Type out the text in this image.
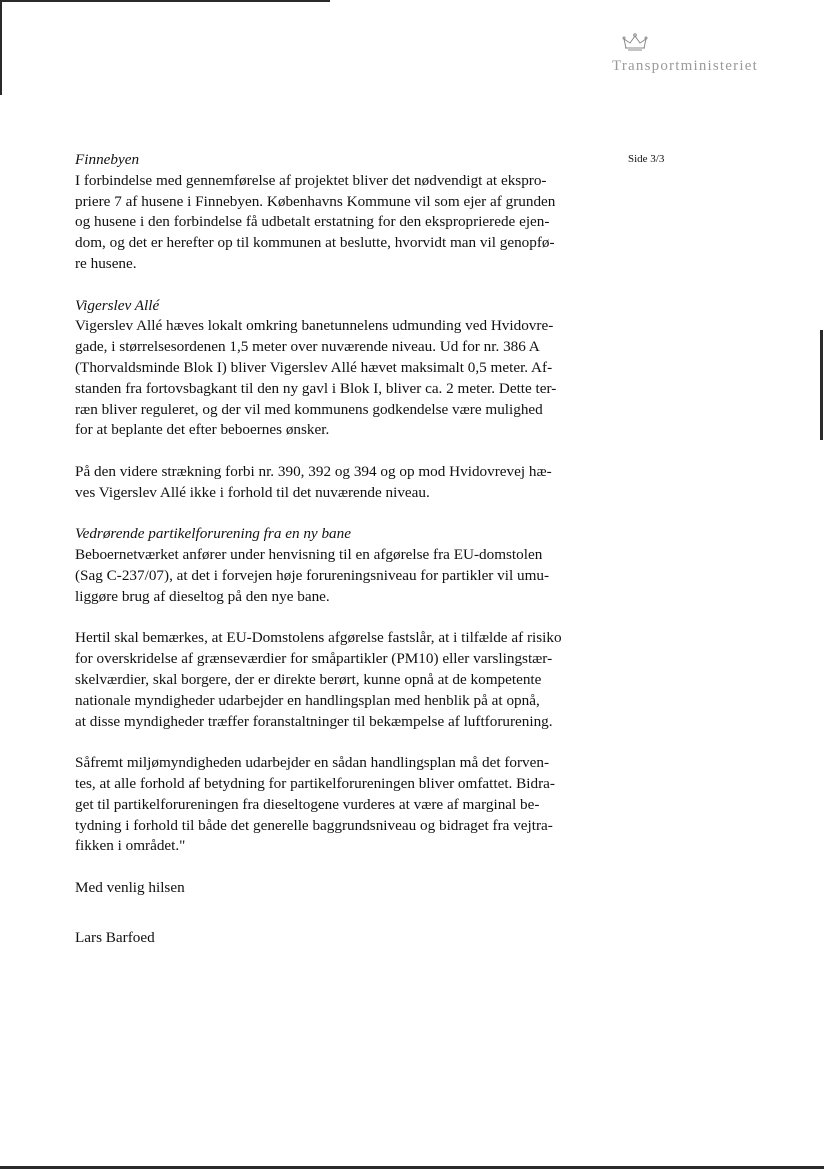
Transportministeriet
Side 3/3
Finnebyen

I forbindelse med gennemførelse af projektet bliver det nødvendigt at ekspro-
priere 7 af husene i Finnebyen. Københavns Kommune vil som ejer af grunden
og husene i den forbindelse få udbetalt erstatning for den eksproprierede ejen-
dom, og det er herefter op til kommunen at beslutte, hvorvidt man vil genopfø-
re husene.

Vigerslev Allé

Vigerslev Allé hæves lokalt omkring banetunnelens udmunding ved Hvidovre-
gade, i størrelsesordenen 1,5 meter over nuværende niveau. Ud for nr. 386 A
(Thorvaldsminde Blok I) bliver Vigerslev Allé hævet maksimalt 0,5 meter. Af-
standen fra fortovsbagkant til den ny gavl i Blok I, bliver ca. 2 meter. Dette ter-
ræn bliver reguleret, og der vil med kommunens godkendelse være mulighed
for at beplante det efter beboernes ønsker.

På den videre strækning forbi nr. 390, 392 og 394 og op mod Hvidovrevej hæ-
ves Vigerslev Allé ikke i forhold til det nuværende niveau.

Vedrørende partikelforurening fra en ny bane

Beboernetværket anfører under henvisning til en afgørelse fra EU-domstolen
(Sag C-237/07), at det i forvejen høje forureningsniveau for partikler vil umu-
liggøre brug af dieseltog på den nye bane.

Hertil skal bemærkes, at EU-Domstolens afgørelse fastslår, at i tilfælde af risiko
for overskridelse af grænseværdier for småpartikler (PM10) eller varslingstær-
skelværdier, skal borgere, der er direkte berørt, kunne opnå at de kompetente
nationale myndigheder udarbejder en handlingsplan med henblik på at opnå,
at disse myndigheder træffer foranstaltninger til bekæmpelse af luftforurening.

Såfremt miljømyndigheden udarbejder en sådan handlingsplan må det forven-
tes, at alle forhold af betydning for partikelforureningen bliver omfattet. Bidra-
get til partikelforureningen fra dieseltogene vurderes at være af marginal be-
tydning i forhold til både det generelle baggrundsniveau og bidraget fra vejtra-
fikken i området."

Med venlig hilsen
Lars Barfoed
